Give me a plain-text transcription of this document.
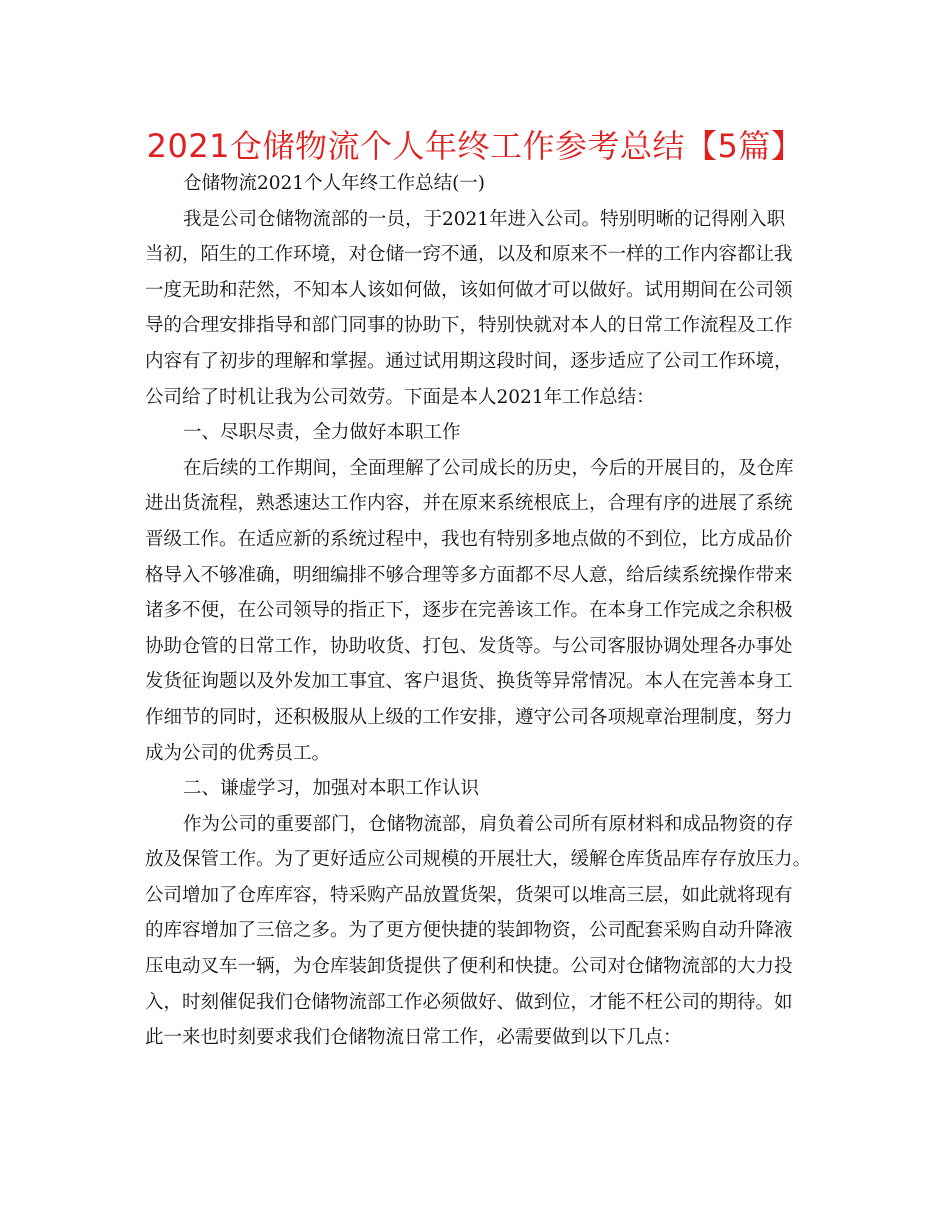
2021仓储物流个人年终工作参考总结【5篇】
仓储物流2021个人年终工作总结(一)
我是公司仓储物流部的一员，于2021年进入公司。特别明晰的记得刚入职
当初，陌生的工作环境，对仓储一窍不通，以及和原来不一样的工作内容都让我
一度无助和茫然，不知本人该如何做，该如何做才可以做好。试用期间在公司领
导的合理安排指导和部门同事的协助下，特别快就对本人的日常工作流程及工作
内容有了初步的理解和掌握。通过试用期这段时间，逐步适应了公司工作环境，
公司给了时机让我为公司效劳。下面是本人2021年工作总结：
一、尽职尽责，全力做好本职工作
在后续的工作期间，全面理解了公司成长的历史，今后的开展目的，及仓库
进出货流程，熟悉速达工作内容，并在原来系统根底上，合理有序的进展了系统
晋级工作。在适应新的系统过程中，我也有特别多地点做的不到位，比方成品价
格导入不够准确，明细编排不够合理等多方面都不尽人意，给后续系统操作带来
诸多不便，在公司领导的指正下，逐步在完善该工作。在本身工作完成之余积极
协助仓管的日常工作，协助收货、打包、发货等。与公司客服协调处理各办事处
发货征询题以及外发加工事宜、客户退货、换货等异常情况。本人在完善本身工
作细节的同时，还积极服从上级的工作安排，遵守公司各项规章治理制度，努力
成为公司的优秀员工。
二、谦虚学习，加强对本职工作认识
作为公司的重要部门，仓储物流部，肩负着公司所有原材料和成品物资的存
放及保管工作。为了更好适应公司规模的开展壮大，缓解仓库货品库存存放压力。
公司增加了仓库库容，特采购产品放置货架，货架可以堆高三层，如此就将现有
的库容增加了三倍之多。为了更方便快捷的装卸物资，公司配套采购自动升降液
压电动叉车一辆，为仓库装卸货提供了便利和快捷。公司对仓储物流部的大力投
入，时刻催促我们仓储物流部工作必须做好、做到位，才能不枉公司的期待。如
此一来也时刻要求我们仓储物流日常工作，必需要做到以下几点：
